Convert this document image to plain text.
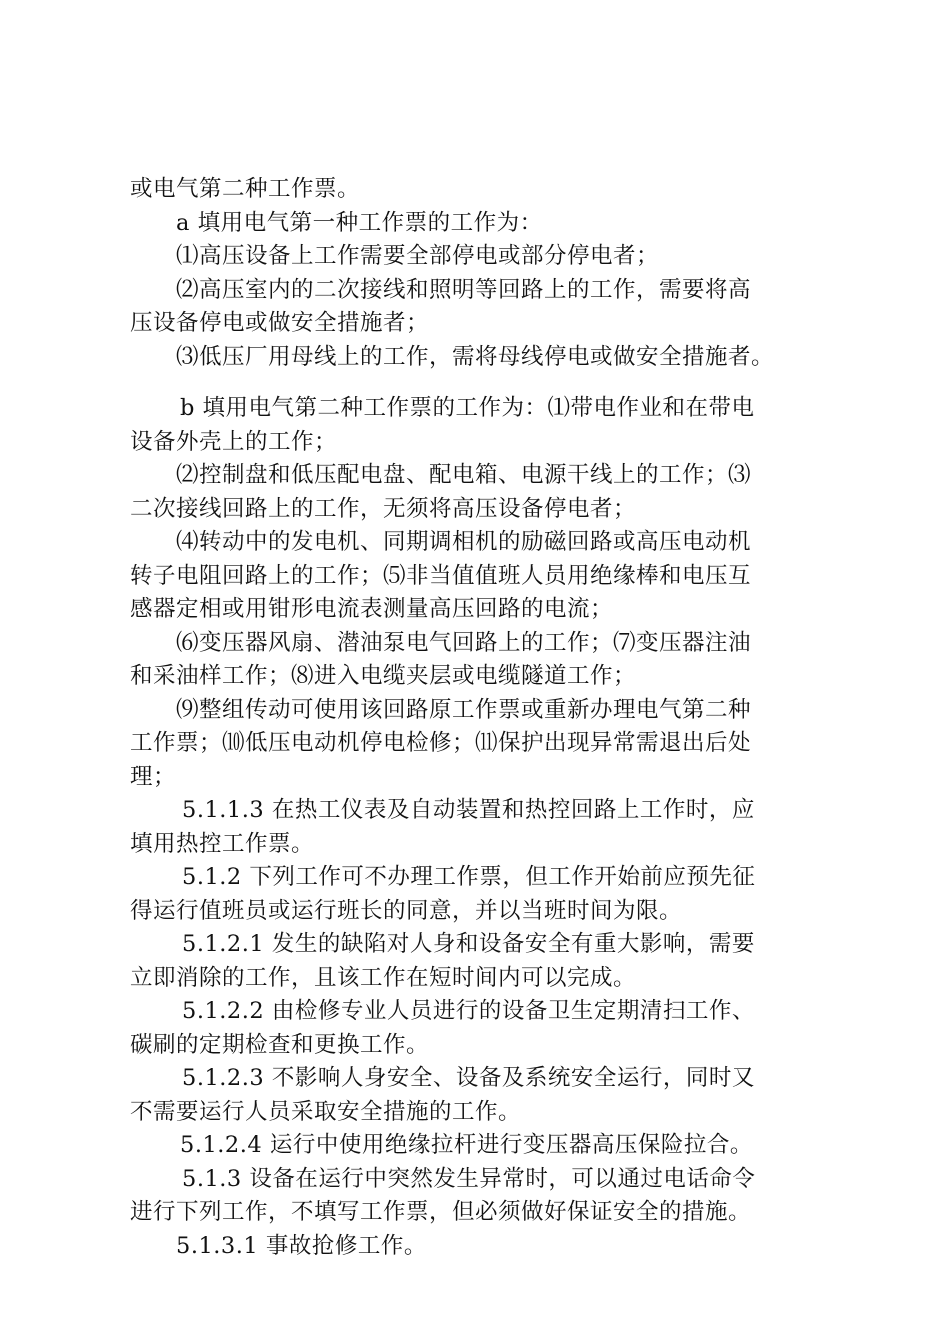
或电气第二种工作票。

a 填用电气第一种工作票的工作为：

⑴高压设备上工作需要全部停电或部分停电者；

⑵高压室内的二次接线和照明等回路上的工作，需要将高

压设备停电或做安全措施者；

⑶低压厂用母线上的工作，需将母线停电或做安全措施者。

b 填用电气第二种工作票的工作为：⑴带电作业和在带电

设备外壳上的工作；

⑵控制盘和低压配电盘、配电箱、电源干线上的工作；⑶

二次接线回路上的工作，无须将高压设备停电者；

⑷转动中的发电机、同期调相机的励磁回路或高压电动机

转子电阻回路上的工作；⑸非当值值班人员用绝缘棒和电压互

感器定相或用钳形电流表测量高压回路的电流；

⑹变压器风扇、潜油泵电气回路上的工作；⑺变压器注油

和采油样工作；⑻进入电缆夹层或电缆隧道工作；

⑼整组传动可使用该回路原工作票或重新办理电气第二种

工作票；⑽低压电动机停电检修；⑾保护出现异常需退出后处

理；

5.1.1.3 在热工仪表及自动装置和热控回路上工作时，应

填用热控工作票。

5.1.2 下列工作可不办理工作票，但工作开始前应预先征

得运行值班员或运行班长的同意，并以当班时间为限。

5.1.2.1 发生的缺陷对人身和设备安全有重大影响，需要

立即消除的工作，且该工作在短时间内可以完成。

5.1.2.2 由检修专业人员进行的设备卫生定期清扫工作、

碳刷的定期检查和更换工作。

5.1.2.3 不影响人身安全、设备及系统安全运行，同时又

不需要运行人员采取安全措施的工作。

5.1.2.4 运行中使用绝缘拉杆进行变压器高压保险拉合。

5.1.3 设备在运行中突然发生异常时，可以通过电话命令

进行下列工作，不填写工作票，但必须做好保证安全的措施。

5.1.3.1 事故抢修工作。
